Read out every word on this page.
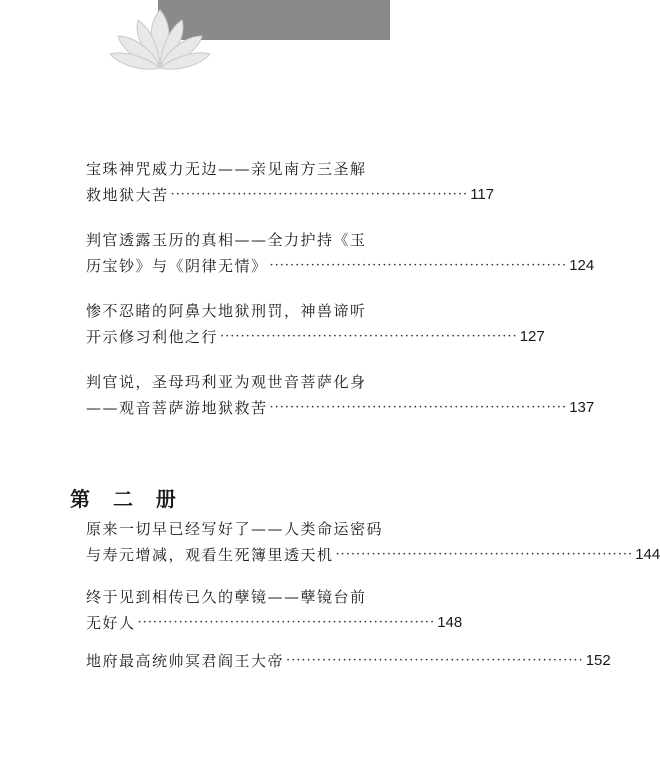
宝珠神咒威力无边——亲见南方三圣解
救地狱大苦 ·························································· 117
判官透露玉历的真相——全力护持《玉
历宝钞》与《阴律无情》 ·························································· 124
惨不忍睹的阿鼻大地狱刑罚，神兽谛听
开示修习利他之行 ·························································· 127
判官说，圣母玛利亚为观世音菩萨化身
——观音菩萨游地狱救苦 ·························································· 137
第 二 册
原来一切早已经写好了——人类命运密码
与寿元增减，观看生死簿里透天机 ·························································· 144
终于见到相传已久的孽镜——孽镜台前
无好人 ·························································· 148
地府最高统帅冥君阎王大帝 ·························································· 152
